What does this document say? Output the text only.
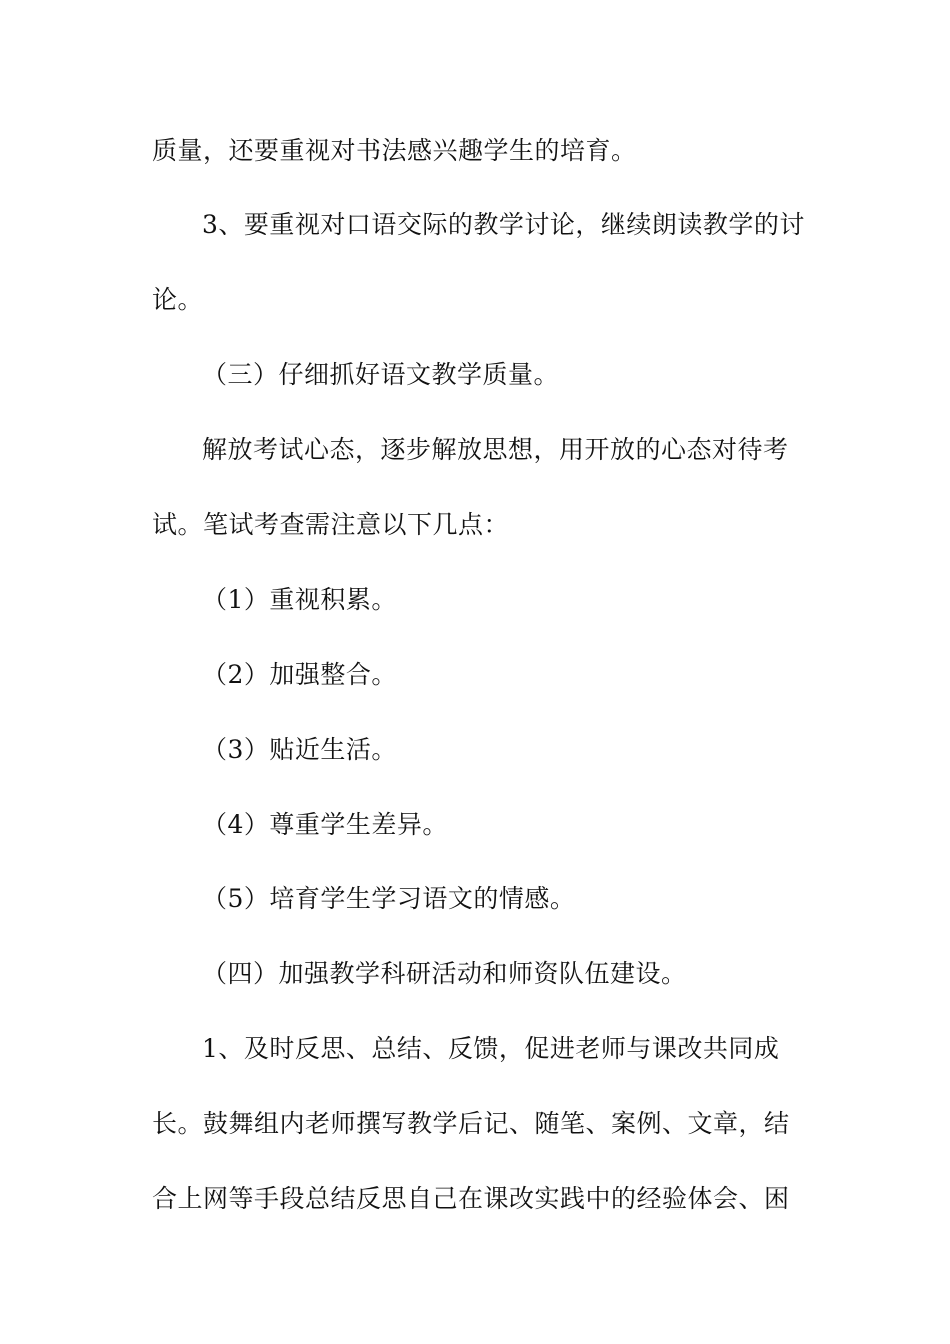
质量，还要重视对书法感兴趣学生的培育。
3、要重视对口语交际的教学讨论，继续朗读教学的讨
论。
（三）仔细抓好语文教学质量。
解放考试心态，逐步解放思想，用开放的心态对待考
试。笔试考查需注意以下几点：
（1）重视积累。
（2）加强整合。
（3）贴近生活。
（4）尊重学生差异。
（5）培育学生学习语文的情感。
（四）加强教学科研活动和师资队伍建设。
1、及时反思、总结、反馈，促进老师与课改共同成
长。鼓舞组内老师撰写教学后记、随笔、案例、文章，结
合上网等手段总结反思自己在课改实践中的经验体会、困
